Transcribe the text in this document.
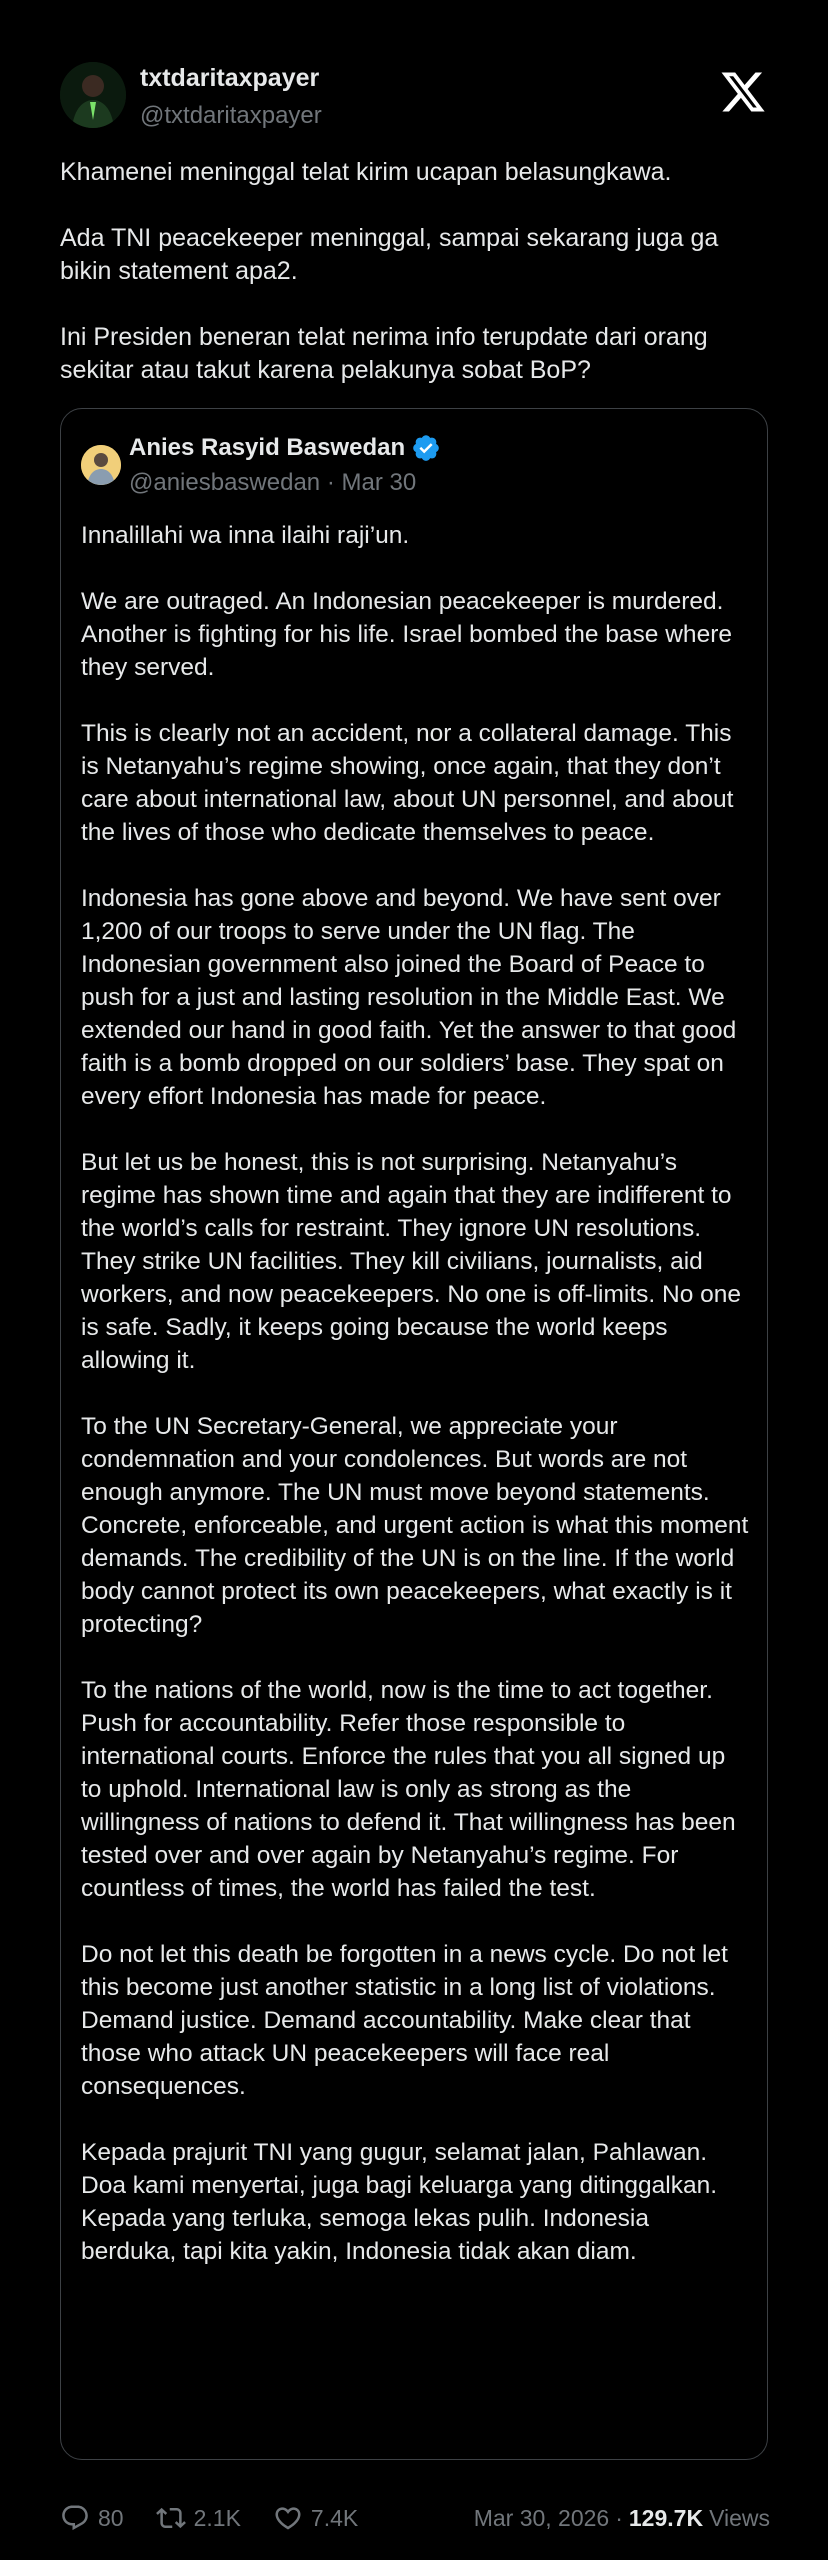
txtdaritaxpayer
@txtdaritaxpayer

Khamenei meninggal telat kirim ucapan belasungkawa.

Ada TNI peacekeeper meninggal, sampai sekarang juga ga bikin statement apa2.

Ini Presiden beneran telat nerima info terupdate dari orang sekitar atau takut karena pelakunya sobat BoP?

Anies Rasyid Baswedan
@aniesbaswedan · Mar 30

Innalillahi wa inna ilaihi raji’un.

We are outraged. An Indonesian peacekeeper is murdered. Another is fighting for his life. Israel bombed the base where they served.

This is clearly not an accident, nor a collateral damage. This is Netanyahu’s regime showing, once again, that they don’t care about international law, about UN personnel, and about the lives of those who dedicate themselves to peace.

Indonesia has gone above and beyond. We have sent over 1,200 of our troops to serve under the UN flag. The Indonesian government also joined the Board of Peace to push for a just and lasting resolution in the Middle East. We extended our hand in good faith. Yet the answer to that good faith is a bomb dropped on our soldiers’ base. They spat on every effort Indonesia has made for peace.

But let us be honest, this is not surprising. Netanyahu’s regime has shown time and again that they are indifferent to the world’s calls for restraint. They ignore UN resolutions. They strike UN facilities. They kill civilians, journalists, aid workers, and now peacekeepers. No one is off-limits. No one is safe. Sadly, it keeps going because the world keeps allowing it.

To the UN Secretary-General, we appreciate your condemnation and your condolences. But words are not enough anymore. The UN must move beyond statements. Concrete, enforceable, and urgent action is what this moment demands. The credibility of the UN is on the line. If the world body cannot protect its own peacekeepers, what exactly is it protecting?

To the nations of the world, now is the time to act together. Push for accountability. Refer those responsible to international courts. Enforce the rules that you all signed up to uphold. International law is only as strong as the willingness of nations to defend it. That willingness has been tested over and over again by Netanyahu’s regime. For countless of times, the world has failed the test.

Do not let this death be forgotten in a news cycle. Do not let this become just another statistic in a long list of violations. Demand justice. Demand accountability. Make clear that those who attack UN peacekeepers will face real consequences.

Kepada prajurit TNI yang gugur, selamat jalan, Pahlawan. Doa kami menyertai, juga bagi keluarga yang ditinggalkan. Kepada yang terluka, semoga lekas pulih. Indonesia berduka, tapi kita yakin, Indonesia tidak akan diam.

80	2.1K	7.4K	Mar 30, 2026 · 129.7K Views
